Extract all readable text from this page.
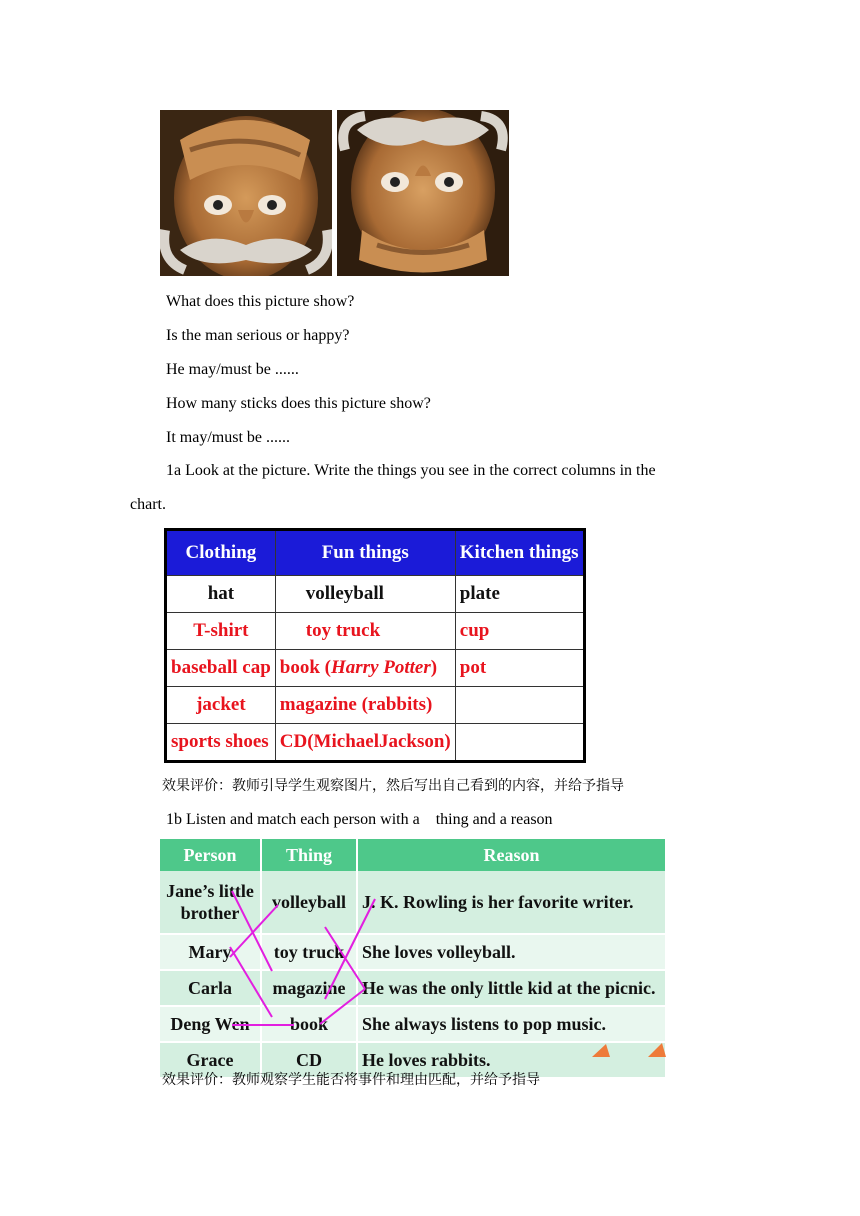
What does this picture show?
Is the man serious or happy?
He may/must be ......
How many sticks does this picture show?
It may/must be ......
1a Look at the picture. Write the things you see in the correct columns in the
chart.
Clothing	Fun things	Kitchen things
hat	volleyball	plate
T-shirt	toy truck	cup
baseball cap	book (Harry Potter)	pot
jacket	magazine (rabbits)	
sports shoes	CD(MichaelJackson)	
效果评价：教师引导学生观察图片，然后写出自己看到的内容，并给予指导
1b Listen and match each person with a    thing and a reason
Person	Thing	Reason
Jane’s little brother	volleyball	J. K. Rowling is her favorite writer.
Mary	toy truck	She loves volleyball.
Carla	magazine	He was the only little kid at the picnic.
Deng Wen	book	She always listens to pop music.
Grace	CD	He loves rabbits.
效果评价：教师观察学生能否将事件和理由匹配，并给予指导
